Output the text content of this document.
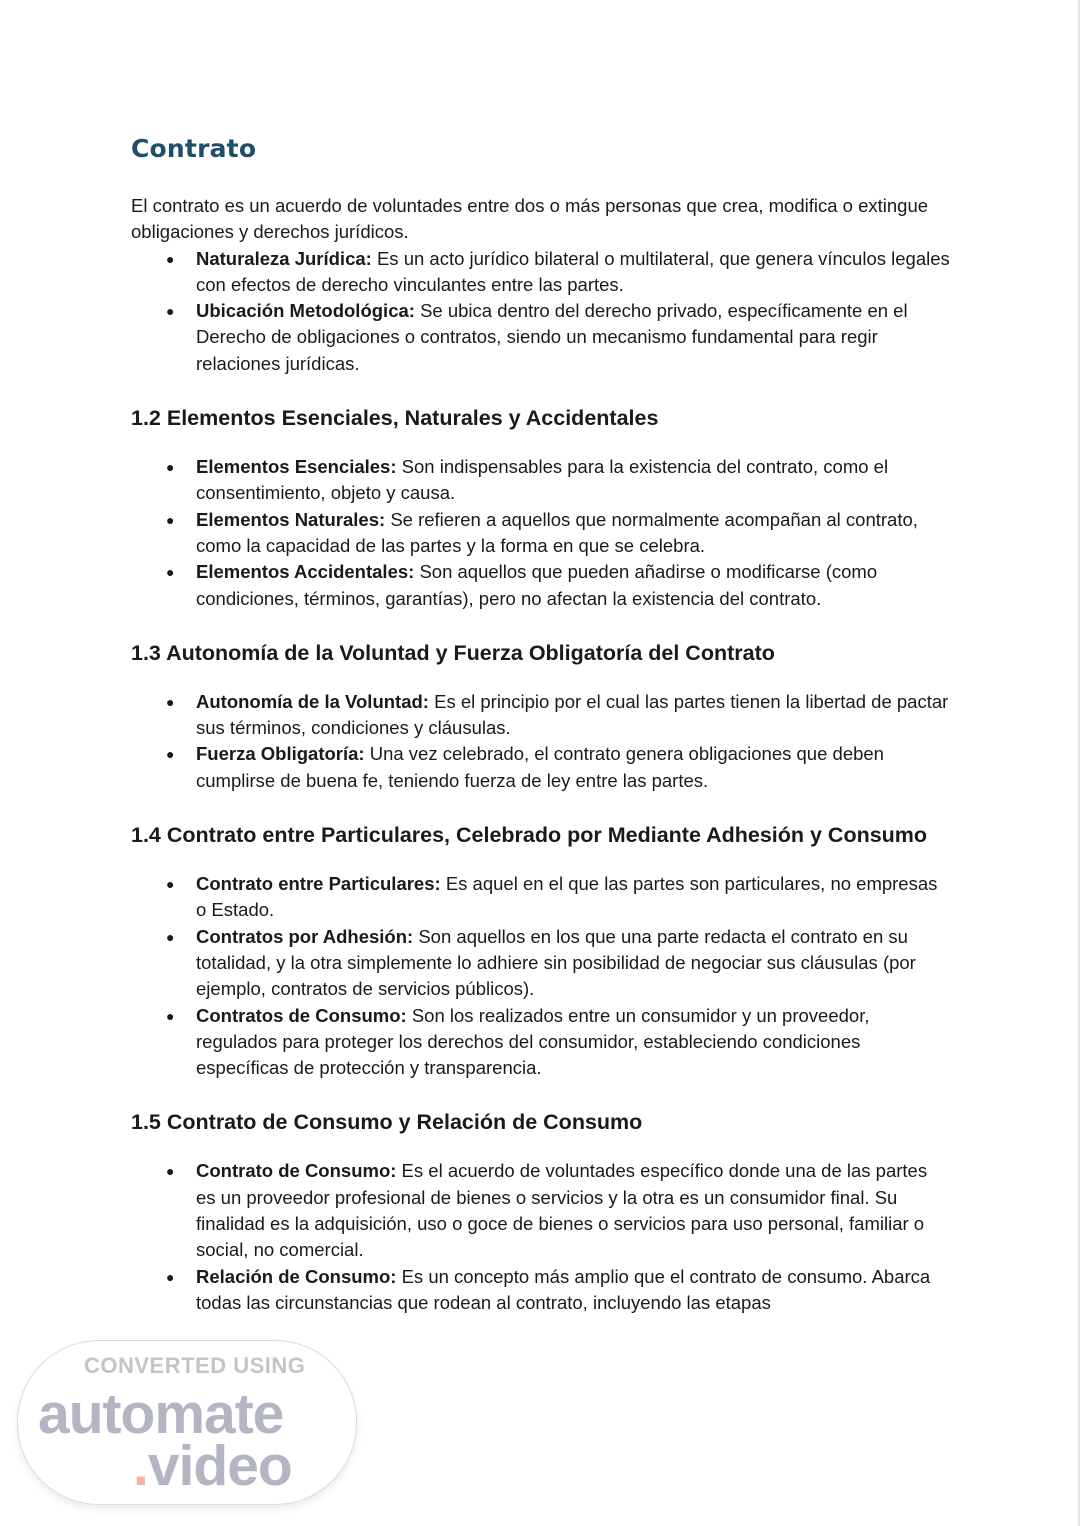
Contrato

El contrato es un acuerdo de voluntades entre dos o más personas que crea, modifica o extingue obligaciones y derechos jurídicos.

● Naturaleza Jurídica: Es un acto jurídico bilateral o multilateral, que genera vínculos legales con efectos de derecho vinculantes entre las partes.
● Ubicación Metodológica: Se ubica dentro del derecho privado, específicamente en el Derecho de obligaciones o contratos, siendo un mecanismo fundamental para regir relaciones jurídicas.
1.2 Elementos Esenciales, Naturales y Accidentales
● Elementos Esenciales: Son indispensables para la existencia del contrato, como el consentimiento, objeto y causa.
● Elementos Naturales: Se refieren a aquellos que normalmente acompañan al contrato, como la capacidad de las partes y la forma en que se celebra.
● Elementos Accidentales: Son aquellos que pueden añadirse o modificarse (como condiciones, términos, garantías), pero no afectan la existencia del contrato.
1.3 Autonomía de la Voluntad y Fuerza Obligatoría del Contrato
● Autonomía de la Voluntad: Es el principio por el cual las partes tienen la libertad de pactar sus términos, condiciones y cláusulas.
● Fuerza Obligatoría: Una vez celebrado, el contrato genera obligaciones que deben cumplirse de buena fe, teniendo fuerza de ley entre las partes.
1.4 Contrato entre Particulares, Celebrado por Mediante Adhesión y Consumo
● Contrato entre Particulares: Es aquel en el que las partes son particulares, no empresas o Estado.
● Contratos por Adhesión: Son aquellos en los que una parte redacta el contrato en su totalidad, y la otra simplemente lo adhiere sin posibilidad de negociar sus cláusulas (por ejemplo, contratos de servicios públicos).
● Contratos de Consumo: Son los realizados entre un consumidor y un proveedor, regulados para proteger los derechos del consumidor, estableciendo condiciones específicas de protección y transparencia.
1.5 Contrato de Consumo y Relación de Consumo
● Contrato de Consumo: Es el acuerdo de voluntades específico donde una de las partes es un proveedor profesional de bienes o servicios y la otra es un consumidor final. Su finalidad es la adquisición, uso o goce de bienes o servicios para uso personal, familiar o social, no comercial.
● Relación de Consumo: Es un concepto más amplio que el contrato de consumo. Abarca todas las circunstancias que rodean al contrato, incluyendo las etapas
CONVERTED USING
automate
.video
